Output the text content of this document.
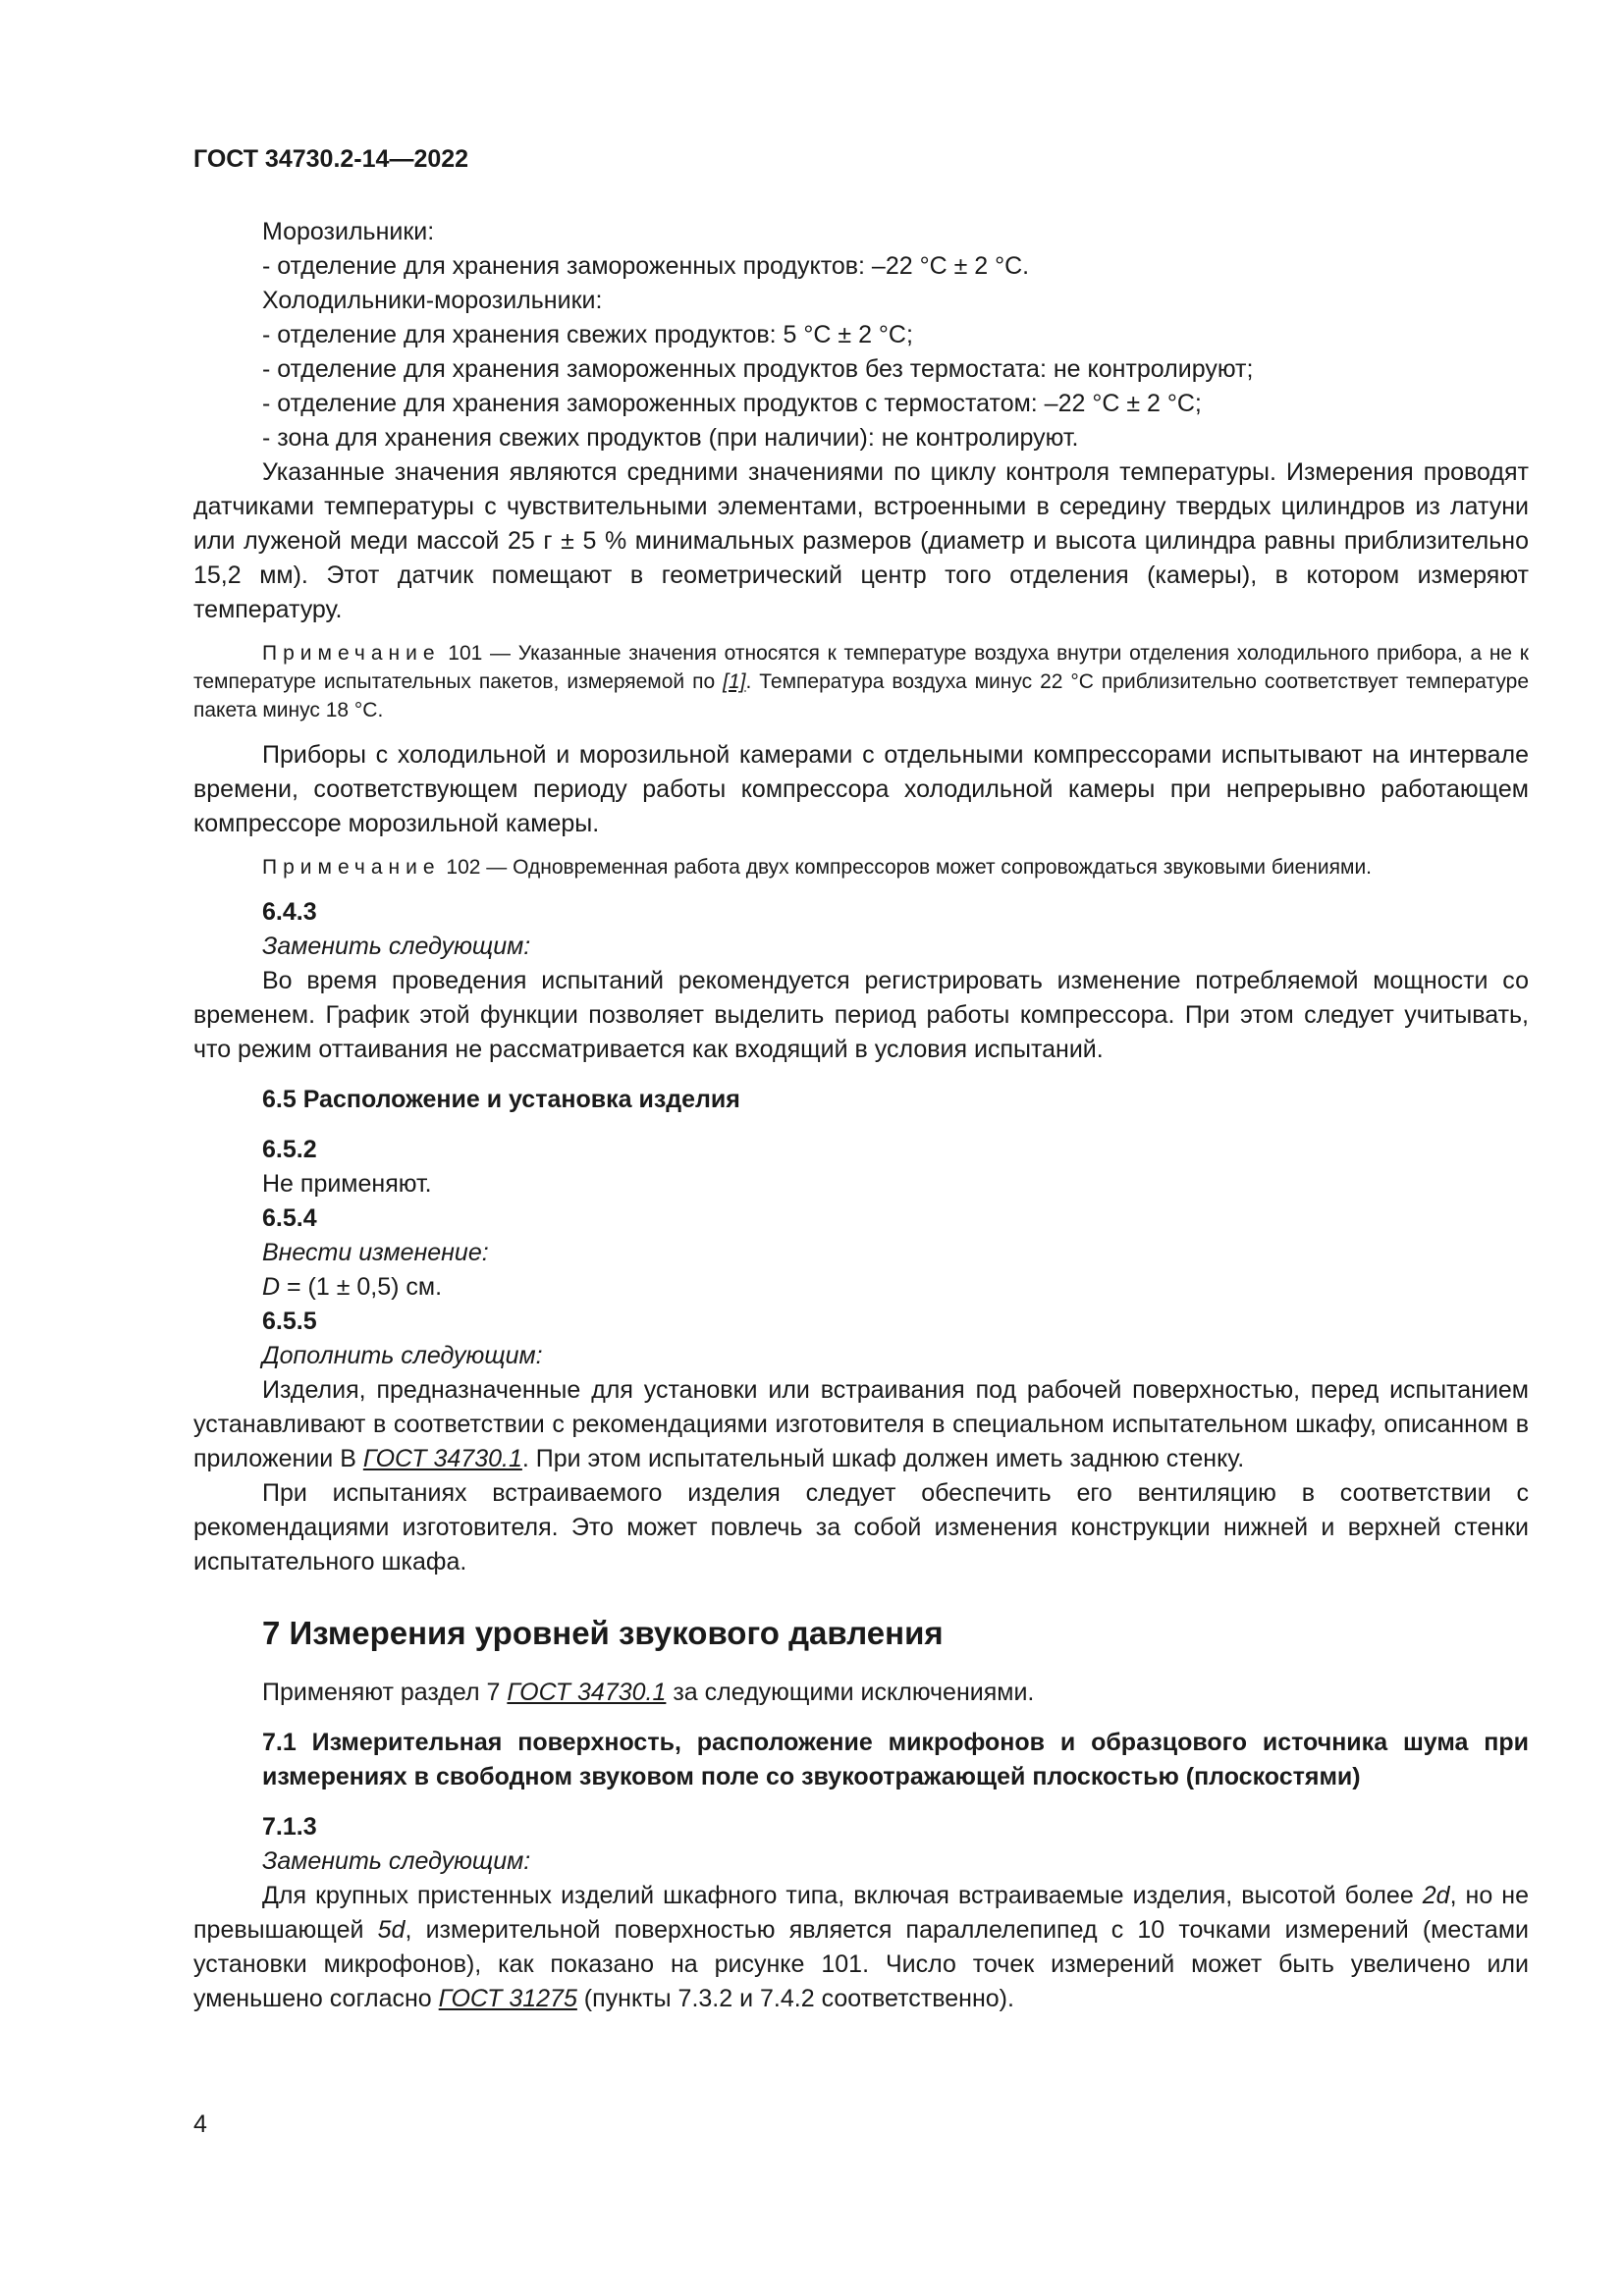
ГОСТ 34730.2-14—2022

Морозильники:

- отделение для хранения замороженных продуктов: –22 °С ± 2 °С.

Холодильники-морозильники:

- отделение для хранения свежих продуктов: 5 °С ± 2 °С;

- отделение для хранения замороженных продуктов без термостата: не контролируют;

- отделение для хранения замороженных продуктов с термостатом: –22 °С ± 2 °С;

- зона для хранения свежих продуктов (при наличии): не контролируют.

Указанные значения являются средними значениями по циклу контроля температуры. Измерения проводят датчиками температуры с чувствительными элементами, встроенными в середину твердых цилиндров из латуни или луженой меди массой 25 г ± 5 % минимальных размеров (диаметр и высота цилиндра равны приблизительно 15,2 мм). Этот датчик помещают в геометрический центр того отделения (камеры), в котором измеряют температуру.

Примечание 101 — Указанные значения относятся к температуре воздуха внутри отделения холодильного прибора, а не к температуре испытательных пакетов, измеряемой по [1]. Температура воздуха минус 22 °С приблизительно соответствует температуре пакета минус 18 °С.

Приборы с холодильной и морозильной камерами с отдельными компрессорами испытывают на интервале времени, соответствующем периоду работы компрессора холодильной камеры при непрерывно работающем компрессоре морозильной камеры.

Примечание 102 — Одновременная работа двух компрессоров может сопровождаться звуковыми биениями.

6.4.3

Заменить следующим:

Во время проведения испытаний рекомендуется регистрировать изменение потребляемой мощности со временем. График этой функции позволяет выделить период работы компрессора. При этом следует учитывать, что режим оттаивания не рассматривается как входящий в условия испытаний.

6.5 Расположение и установка изделия

6.5.2

Не применяют.

6.5.4

Внести изменение:

D = (1 ± 0,5) см.

6.5.5

Дополнить следующим:

Изделия, предназначенные для установки или встраивания под рабочей поверхностью, перед испытанием устанавливают в соответствии с рекомендациями изготовителя в специальном испытательном шкафу, описанном в приложении В ГОСТ 34730.1. При этом испытательный шкаф должен иметь заднюю стенку.

При испытаниях встраиваемого изделия следует обеспечить его вентиляцию в соответствии с рекомендациями изготовителя. Это может повлечь за собой изменения конструкции нижней и верхней стенки испытательного шкафа.

7 Измерения уровней звукового давления

Применяют раздел 7 ГОСТ 34730.1 за следующими исключениями.

7.1 Измерительная поверхность, расположение микрофонов и образцового источника шума при измерениях в свободном звуковом поле со звукоотражающей плоскостью (плоскостями)

7.1.3

Заменить следующим:

Для крупных пристенных изделий шкафного типа, включая встраиваемые изделия, высотой более 2d, но не превышающей 5d, измерительной поверхностью является параллелепипед с 10 точками измерений (местами установки микрофонов), как показано на рисунке 101. Число точек измерений может быть увеличено или уменьшено согласно ГОСТ 31275 (пункты 7.3.2 и 7.4.2 соответственно).

4
